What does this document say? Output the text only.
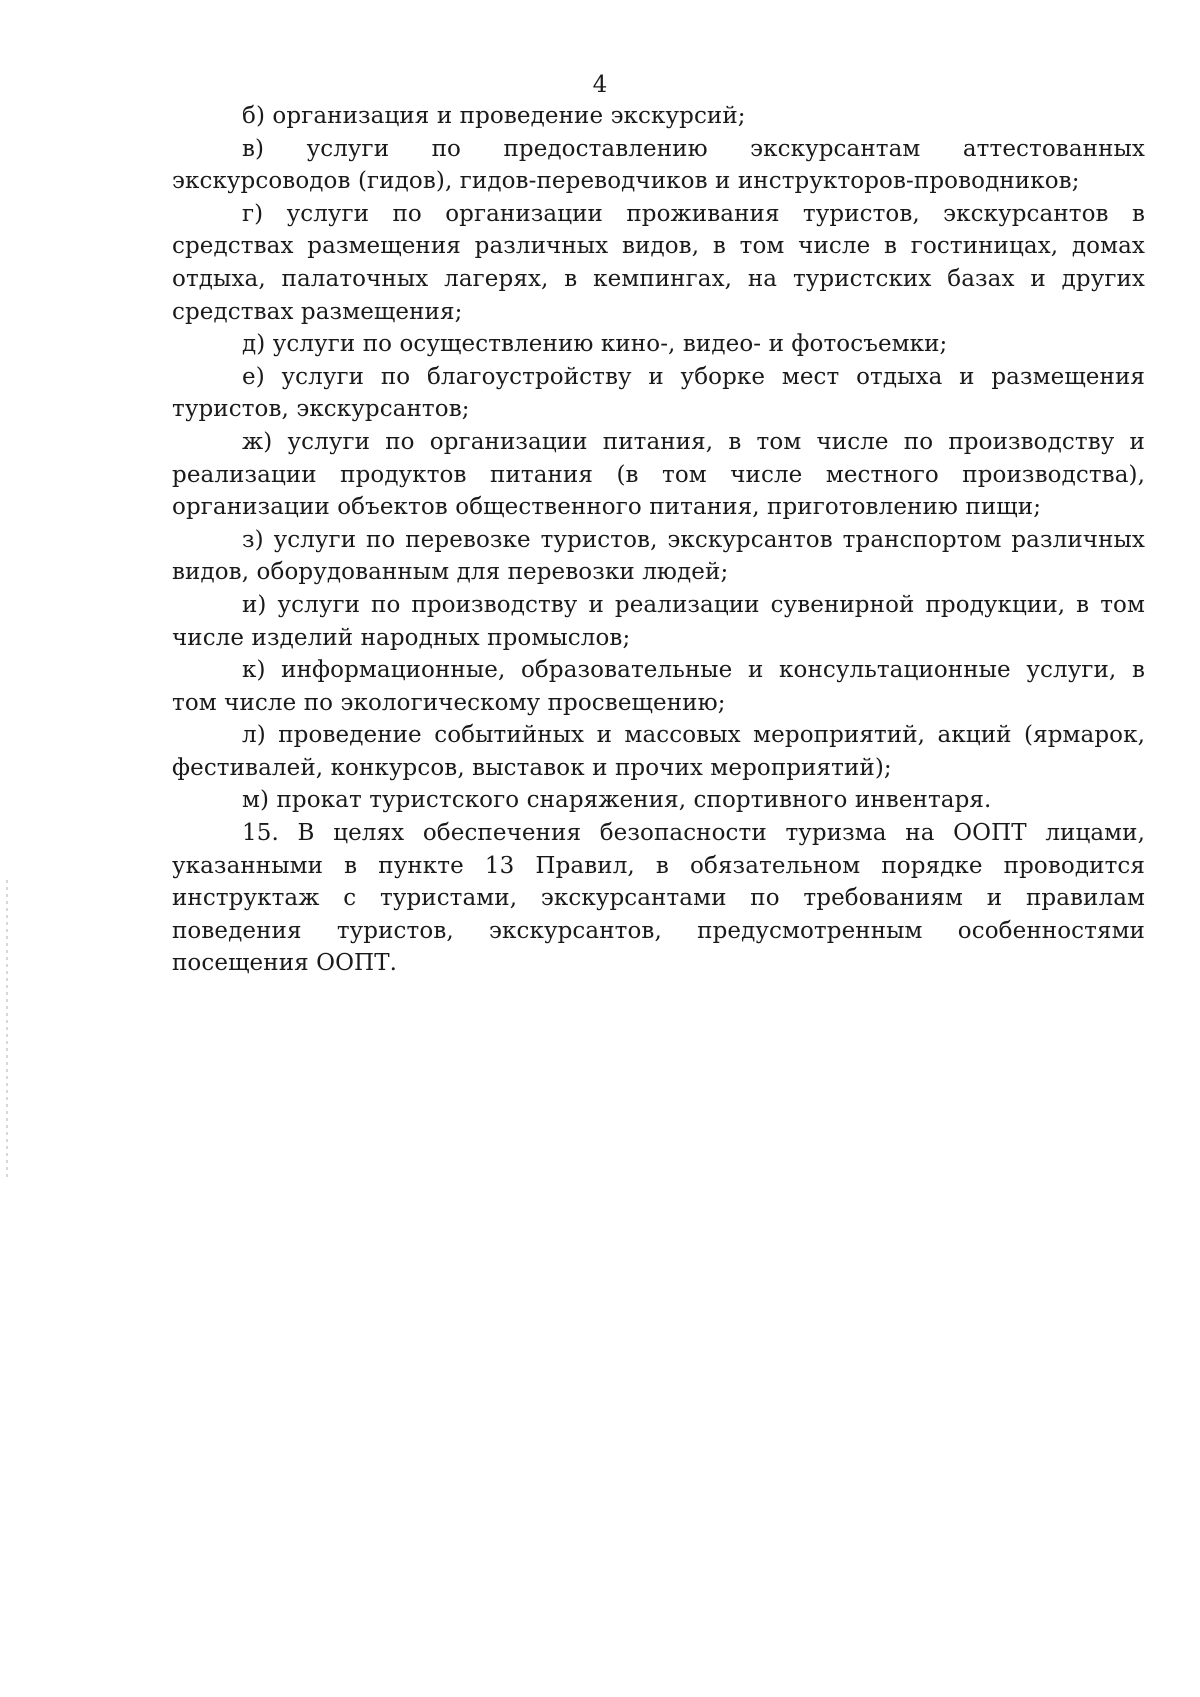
4

б) организация и проведение экскурсий;

в) услуги по предоставлению экскурсантам аттестованных экскурсоводов (гидов), гидов-переводчиков и инструкторов-проводников;

г) услуги по организации проживания туристов, экскурсантов в средствах размещения различных видов, в том числе в гостиницах, домах отдыха, палаточных лагерях, в кемпингах, на туристских базах и других средствах размещения;

д) услуги по осуществлению кино-, видео- и фотосъемки;

е) услуги по благоустройству и уборке мест отдыха и размещения туристов, экскурсантов;

ж) услуги по организации питания, в том числе по производству и реализации продуктов питания (в том числе местного производства), организации объектов общественного питания, приготовлению пищи;

з) услуги по перевозке туристов, экскурсантов транспортом различных видов, оборудованным для перевозки людей;

и) услуги по производству и реализации сувенирной продукции, в том числе изделий народных промыслов;

к) информационные, образовательные и консультационные услуги, в том числе по экологическому просвещению;

л) проведение событийных и массовых мероприятий, акций (ярмарок, фестивалей, конкурсов, выставок и прочих мероприятий);

м) прокат туристского снаряжения, спортивного инвентаря.

15. В целях обеспечения безопасности туризма на ООПТ лицами, указанными в пункте 13 Правил, в обязательном порядке проводится инструктаж с туристами, экскурсантами по требованиям и правилам поведения туристов, экскурсантов, предусмотренным особенностями посещения ООПТ.
